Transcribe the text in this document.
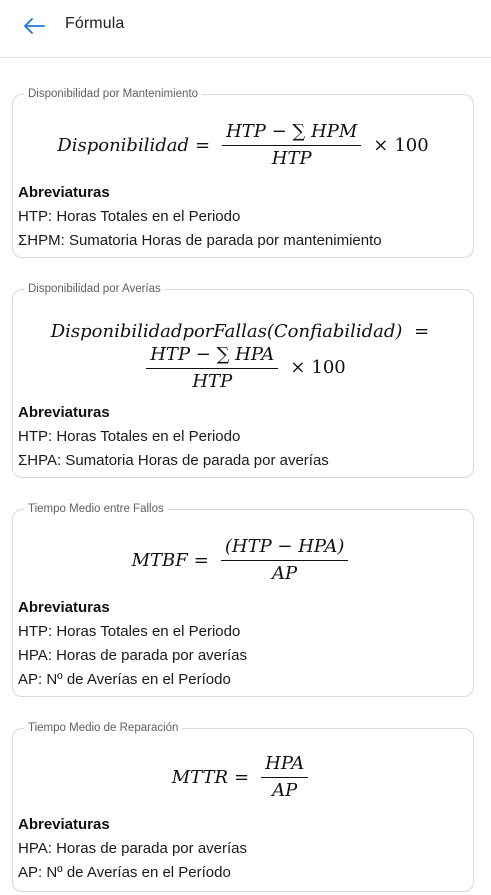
Fórmula
Disponibilidad por Mantenimiento
Disponibilidad = $\frac{\text{HTP − ∑ HPM}}{\text{HTP}} \times 100$
Abreviaturas
HTP: Horas Totales en el Periodo
ΣHPM: Sumatoria Horas de parada por mantenimiento
Disponibilidad por Averías
DisponibilidadporFallas(Confiabilidad) =
$\frac{\text{HTP − ∑ HPA}}{\text{HTP}} \times 100$
Abreviaturas
HTP: Horas Totales en el Periodo
ΣHPA: Sumatoria Horas de parada por averías
Tiempo Medio entre Fallos
MTBF = $\frac{\text{(HTP − HPA)}}{AP}$
Abreviaturas
HTP: Horas Totales en el Periodo
HPA: Horas de parada por averías
AP: Nº de Averías en el Período
Tiempo Medio de Reparación
MTTR = $\frac{\text{HPA}}{AP}$
Abreviaturas
HPA: Horas de parada por averías
AP: Nº de Averías en el Período
